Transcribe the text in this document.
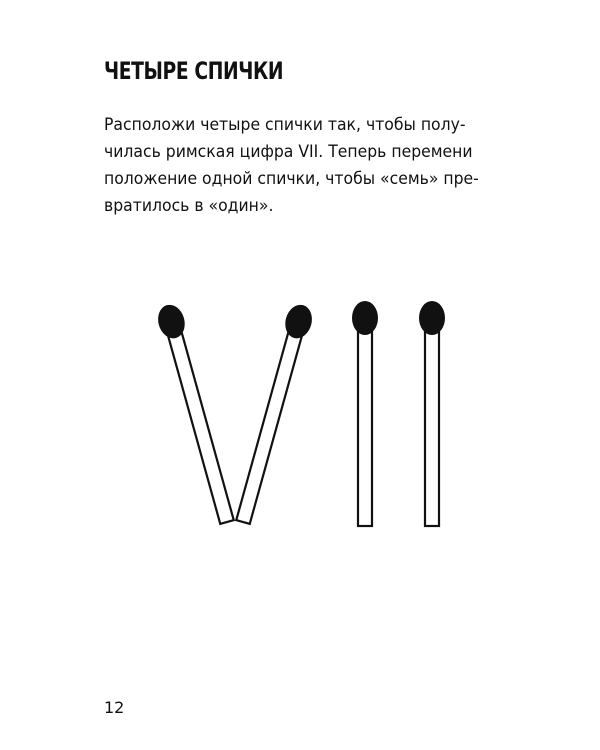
ЧЕТЫРЕ СПИЧКИ

Расположи четыре спички так, чтобы полу-
чилась римская цифра VII. Теперь перемени
положение одной спички, чтобы «семь» пре-
вратилось в «один».

12
